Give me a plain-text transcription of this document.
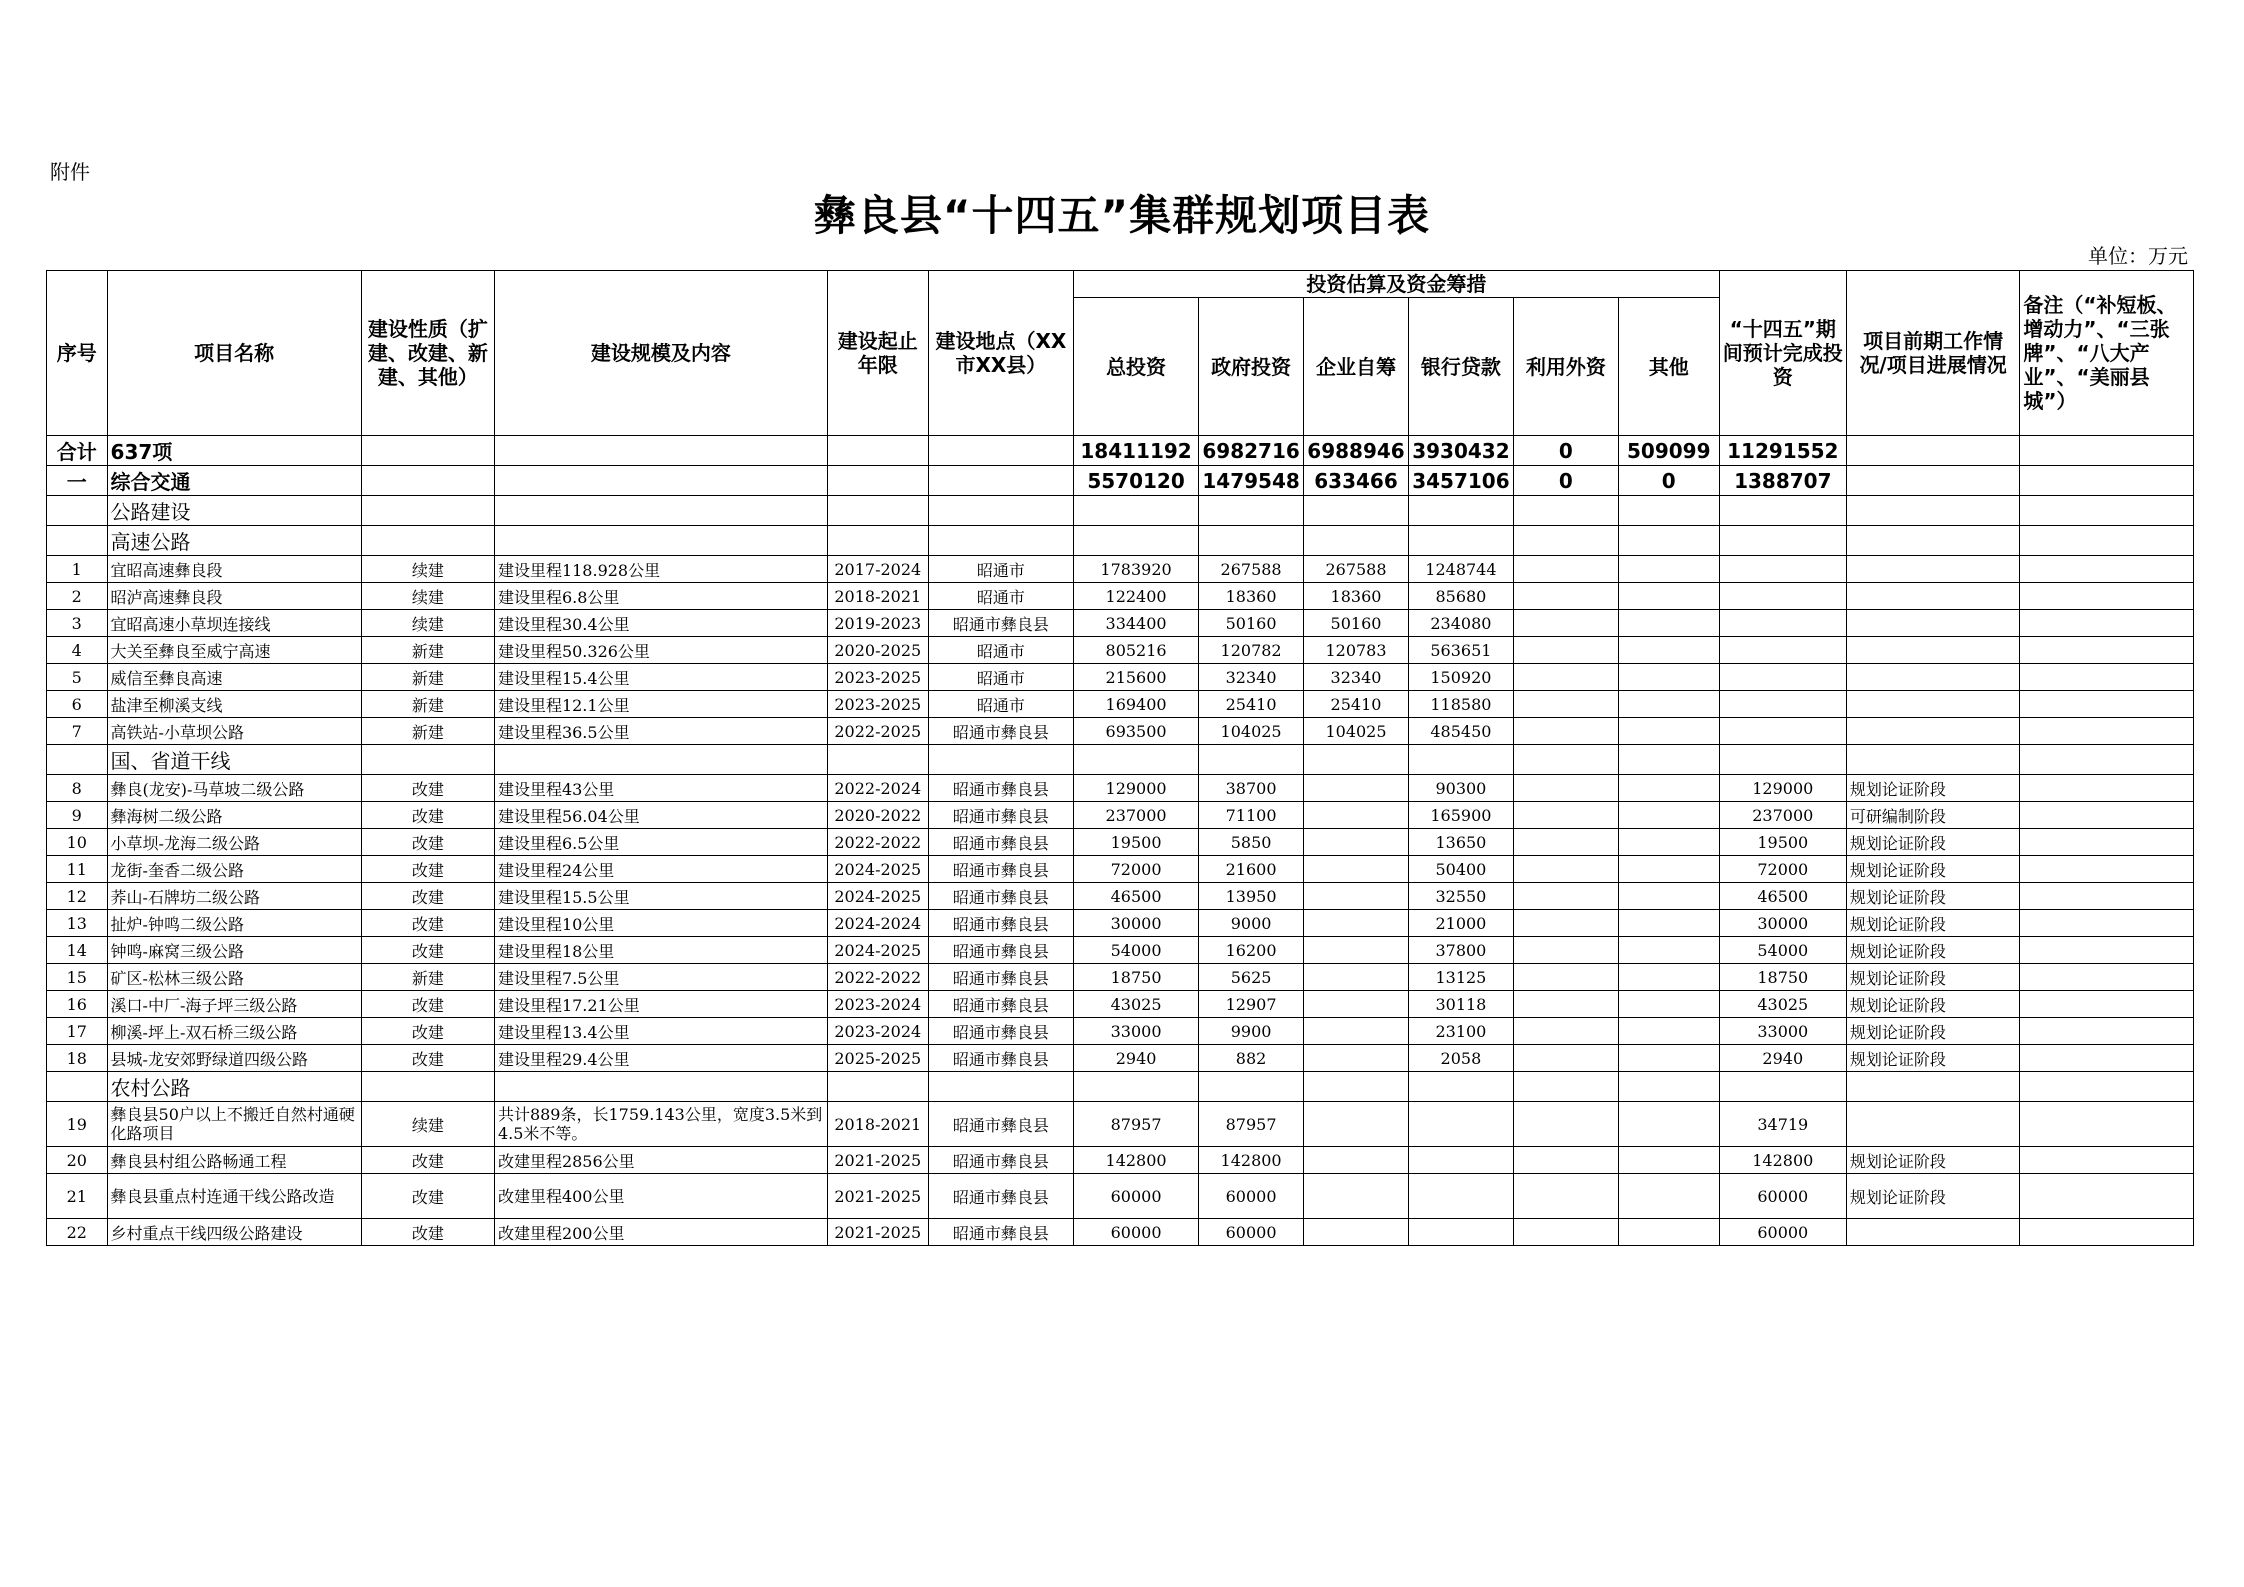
附件
彝良县“十四五”集群规划项目表
单位：万元
序号	项目名称	建设性质（扩建、改建、新建、其他）	建设规模及内容	建设起止年限	建设地点（XX市XX县）	投资估算及资金筹措						“十四五”期间预计完成投资	项目前期工作情况/项目进展情况	备注（“补短板、增动力”、“三张牌”、“八大产业”、“美丽县城”）
						总投资	政府投资	企业自筹	银行贷款	利用外资	其他			
合计	637项					18411192	6982716	6988946	3930432	0	509099	11291552		
一	综合交通					5570120	1479548	633466	3457106	0	0	1388707		
	公路建设													
	高速公路													
1	宜昭高速彝良段	续建	建设里程118.928公里	2017-2024	昭通市	1783920	267588	267588	1248744					
2	昭泸高速彝良段	续建	建设里程6.8公里	2018-2021	昭通市	122400	18360	18360	85680					
3	宜昭高速小草坝连接线	续建	建设里程30.4公里	2019-2023	昭通市彝良县	334400	50160	50160	234080					
4	大关至彝良至威宁高速	新建	建设里程50.326公里	2020-2025	昭通市	805216	120782	120783	563651					
5	威信至彝良高速	新建	建设里程15.4公里	2023-2025	昭通市	215600	32340	32340	150920					
6	盐津至柳溪支线	新建	建设里程12.1公里	2023-2025	昭通市	169400	25410	25410	118580					
7	高铁站-小草坝公路	新建	建设里程36.5公里	2022-2025	昭通市彝良县	693500	104025	104025	485450					
	国、省道干线													
8	彝良(龙安)-马草坡二级公路	改建	建设里程43公里	2022-2024	昭通市彝良县	129000	38700		90300			129000	规划论证阶段	
9	彝海树二级公路	改建	建设里程56.04公里	2020-2022	昭通市彝良县	237000	71100		165900			237000	可研编制阶段	
10	小草坝-龙海二级公路	改建	建设里程6.5公里	2022-2022	昭通市彝良县	19500	5850		13650			19500	规划论证阶段	
11	龙街-奎香二级公路	改建	建设里程24公里	2024-2025	昭通市彝良县	72000	21600		50400			72000	规划论证阶段	
12	荞山-石牌坊二级公路	改建	建设里程15.5公里	2024-2025	昭通市彝良县	46500	13950		32550			46500	规划论证阶段	
13	扯炉-钟鸣二级公路	改建	建设里程10公里	2024-2024	昭通市彝良县	30000	9000		21000			30000	规划论证阶段	
14	钟鸣-麻窝三级公路	改建	建设里程18公里	2024-2025	昭通市彝良县	54000	16200		37800			54000	规划论证阶段	
15	矿区-松林三级公路	新建	建设里程7.5公里	2022-2022	昭通市彝良县	18750	5625		13125			18750	规划论证阶段	
16	溪口-中厂-海子坪三级公路	改建	建设里程17.21公里	2023-2024	昭通市彝良县	43025	12907		30118			43025	规划论证阶段	
17	柳溪-坪上-双石桥三级公路	改建	建设里程13.4公里	2023-2024	昭通市彝良县	33000	9900		23100			33000	规划论证阶段	
18	县城-龙安郊野绿道四级公路	改建	建设里程29.4公里	2025-2025	昭通市彝良县	2940	882		2058			2940	规划论证阶段	
	农村公路													
19	彝良县50户以上不搬迁自然村通硬化路项目	续建	共计889条，长1759.143公里，宽度3.5米到4.5米不等。	2018-2021	昭通市彝良县	87957	87957					34719		
20	彝良县村组公路畅通工程	改建	改建里程2856公里	2021-2025	昭通市彝良县	142800	142800					142800	规划论证阶段	
21	彝良县重点村连通干线公路改造	改建	改建里程400公里	2021-2025	昭通市彝良县	60000	60000					60000	规划论证阶段	
22	乡村重点干线四级公路建设	改建	改建里程200公里	2021-2025	昭通市彝良县	60000	60000					60000		
